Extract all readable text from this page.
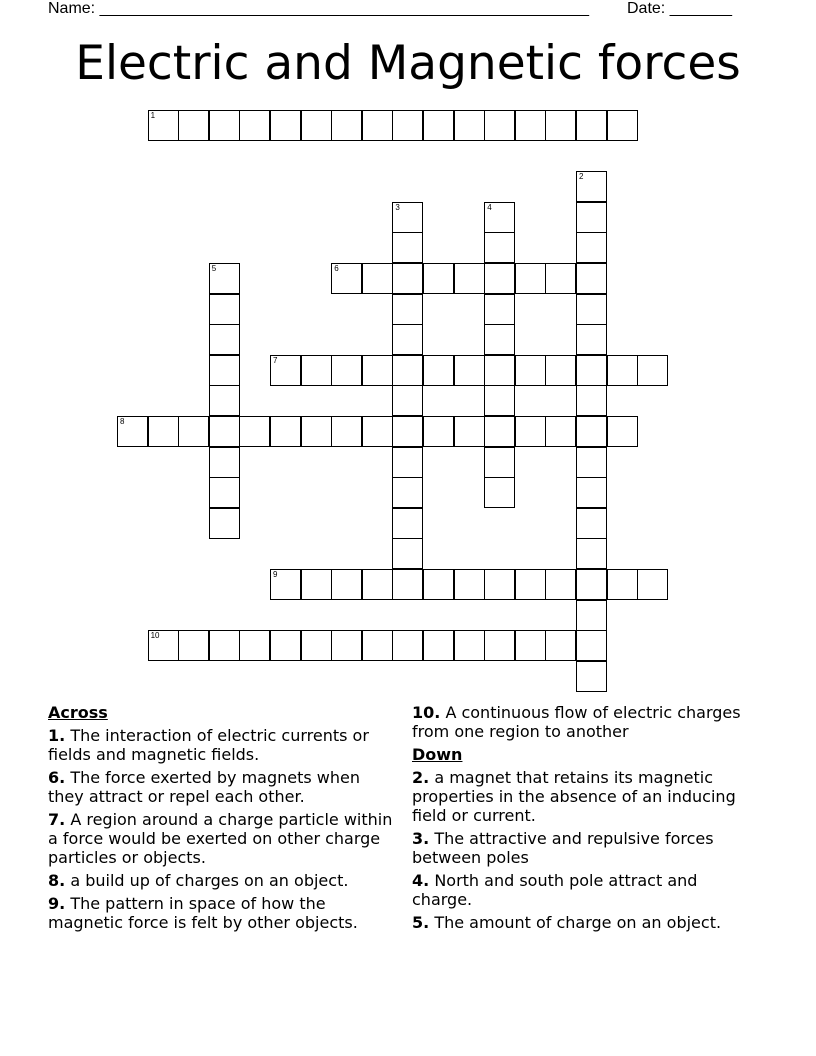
Name: _______________________________________________________ Date: _______
Electric and Magnetic forces
1
2
3	4
5	6
7
8
9
10
Across
1. The interaction of electric currents or fields and magnetic fields.
6. The force exerted by magnets when they attract or repel each other.
7. A region around a charge particle within a force would be exerted on other charge particles or objects.
8. a build up of charges on an object.
9. The pattern in space of how the magnetic force is felt by other objects.
10. A continuous flow of electric charges from one region to another
Down
2. a magnet that retains its magnetic properties in the absence of an inducing field or current.
3. The attractive and repulsive forces between poles
4. North and south pole attract and charge.
5. The amount of charge on an object.
